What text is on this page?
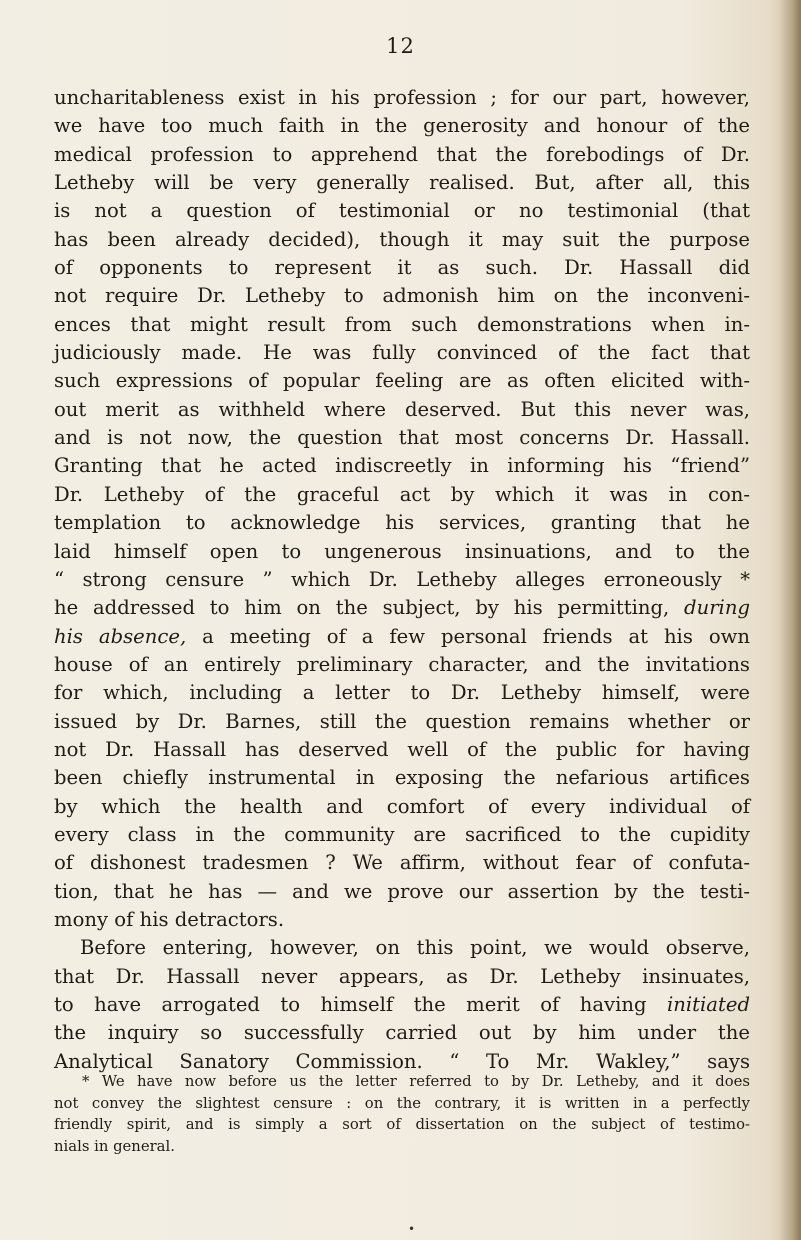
12
uncharitableness exist in his profession ; for our part, however,
we have too much faith in the generosity and honour of the
medical profession to apprehend that the forebodings of Dr.
Letheby will be very generally realised. But, after all, this
is not a question of testimonial or no testimonial (that
has been already decided), though it may suit the purpose
of opponents to represent it as such. Dr. Hassall did
not require Dr. Letheby to admonish him on the inconveni-
ences that might result from such demonstrations when in-
judiciously made. He was fully convinced of the fact that
such expressions of popular feeling are as often elicited with-
out merit as withheld where deserved. But this never was,
and is not now, the question that most concerns Dr. Hassall.
Granting that he acted indiscreetly in informing his “friend”
Dr. Letheby of the graceful act by which it was in con-
templation to acknowledge his services, granting that he
laid himself open to ungenerous insinuations, and to the
“ strong censure ” which Dr. Letheby alleges erroneously *
he addressed to him on the subject, by his permitting, during
his absence, a meeting of a few personal friends at his own
house of an entirely preliminary character, and the invitations
for which, including a letter to Dr. Letheby himself, were
issued by Dr. Barnes, still the question remains whether or
not Dr. Hassall has deserved well of the public for having
been chiefly instrumental in exposing the nefarious artifices
by which the health and comfort of every individual of
every class in the community are sacrificed to the cupidity
of dishonest tradesmen ? We affirm, without fear of confuta-
tion, that he has — and we prove our assertion by the testi-
mony of his detractors.
Before entering, however, on this point, we would observe,
that Dr. Hassall never appears, as Dr. Letheby insinuates,
to have arrogated to himself the merit of having initiated
the inquiry so successfully carried out by him under the
Analytical Sanatory Commission. “ To Mr. Wakley,” says
* We have now before us the letter referred to by Dr. Letheby, and it does
not convey the slightest censure : on the contrary, it is written in a perfectly
friendly spirit, and is simply a sort of dissertation on the subject of testimo-
nials in general.
•
